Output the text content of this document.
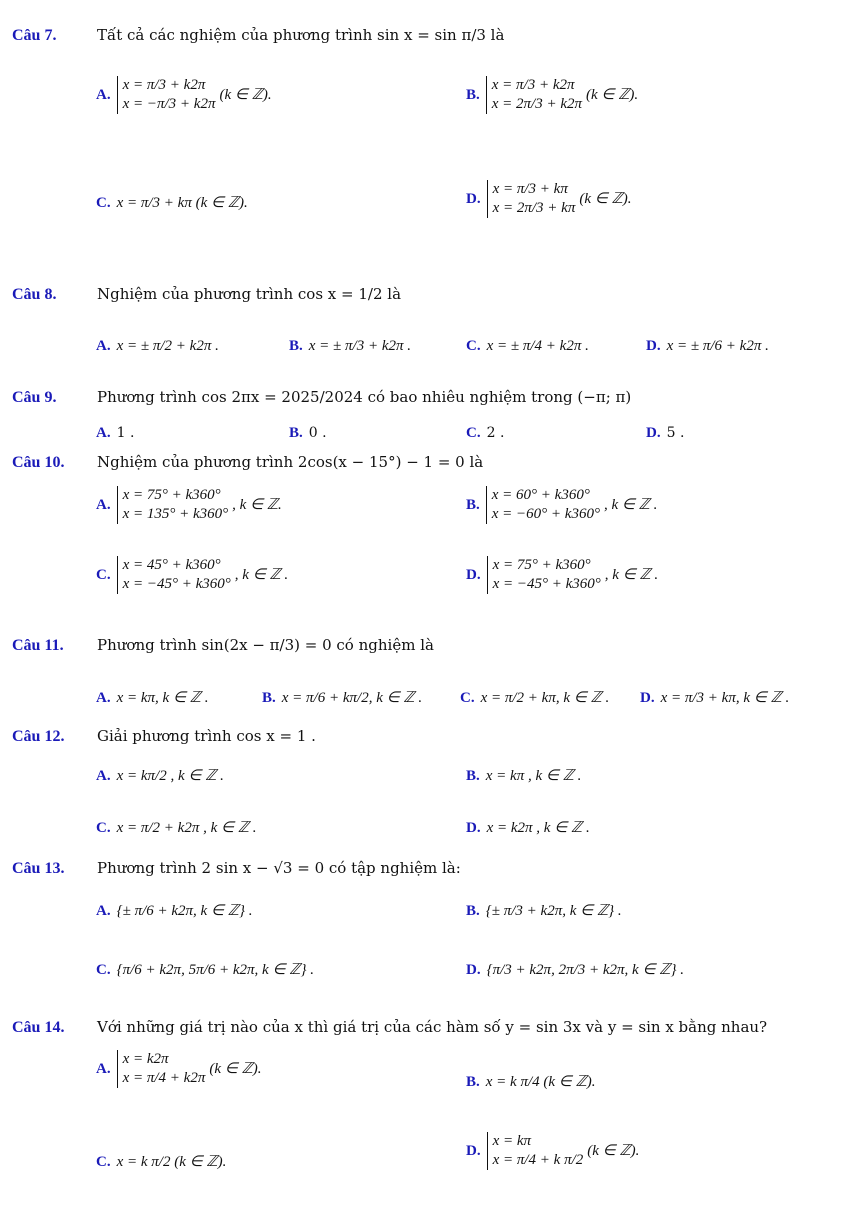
Câu 7.	Tất cả các nghiệm của phương trình sin x = sin π/3 là
A.
x = π/3 + k2π
x = −π/3 + k2π
(k ∈ ℤ).	B.
x = π/3 + k2π
x = 2π/3 + k2π
(k ∈ ℤ).
C. x = π/3 + kπ (k ∈ ℤ).	D.
x = π/3 + kπ
x = 2π/3 + kπ
(k ∈ ℤ).
Câu 8.	Nghiệm của phương trình cos x = 1/2 là
A. x = ± π/2 + k2π .	B. x = ± π/3 + k2π .	C. x = ± π/4 + k2π .	D. x = ± π/6 + k2π .
Câu 9.	Phương trình cos 2πx = 2025/2024 có bao nhiêu nghiệm trong (−π; π)
A. 1 .	B. 0 .	C. 2 .	D. 5 .
Câu 10. Nghiệm của phương trình 2cos(x − 15°) − 1 = 0 là
A.
x = 75° + k360°
x = 135° + k360°
, k ∈ ℤ.	B.
x = 60° + k360°
x = −60° + k360°
, k ∈ ℤ .
C.
x = 45° + k360°
x = −45° + k360°
, k ∈ ℤ .	D.
x = 75° + k360°
x = −45° + k360°
, k ∈ ℤ .
Câu 11. Phương trình sin(2x − π/3) = 0 có nghiệm là
A. x = kπ, k ∈ ℤ .	B. x = π/6 + kπ/2, k ∈ ℤ .	C. x = π/2 + kπ, k ∈ ℤ . D. x = π/3 + kπ, k ∈ ℤ .
Câu 12. Giải phương trình cos x = 1 .
A. x = kπ/2 , k ∈ ℤ .	B. x = kπ , k ∈ ℤ .
C. x = π/2 + k2π , k ∈ ℤ .	D. x = k2π , k ∈ ℤ .
Câu 13. Phương trình 2 sin x − √3 = 0 có tập nghiệm là:
A. {± π/6 + k2π, k ∈ ℤ} .	B. {± π/3 + k2π, k ∈ ℤ} .
C. {π/6 + k2π, 5π/6 + k2π, k ∈ ℤ} .	D. {π/3 + k2π, 2π/3 + k2π, k ∈ ℤ} .
Câu 14. Với những giá trị nào của x thì giá trị của các hàm số y = sin 3x và y = sin x bằng nhau?
A.
x = k2π
x = π/4 + k2π
(k ∈ ℤ).
B. x = k π/4 (k ∈ ℤ).
C. x = k π/2 (k ∈ ℤ).
D.
x = kπ
x = π/4 + k π/2
(k ∈ ℤ).
